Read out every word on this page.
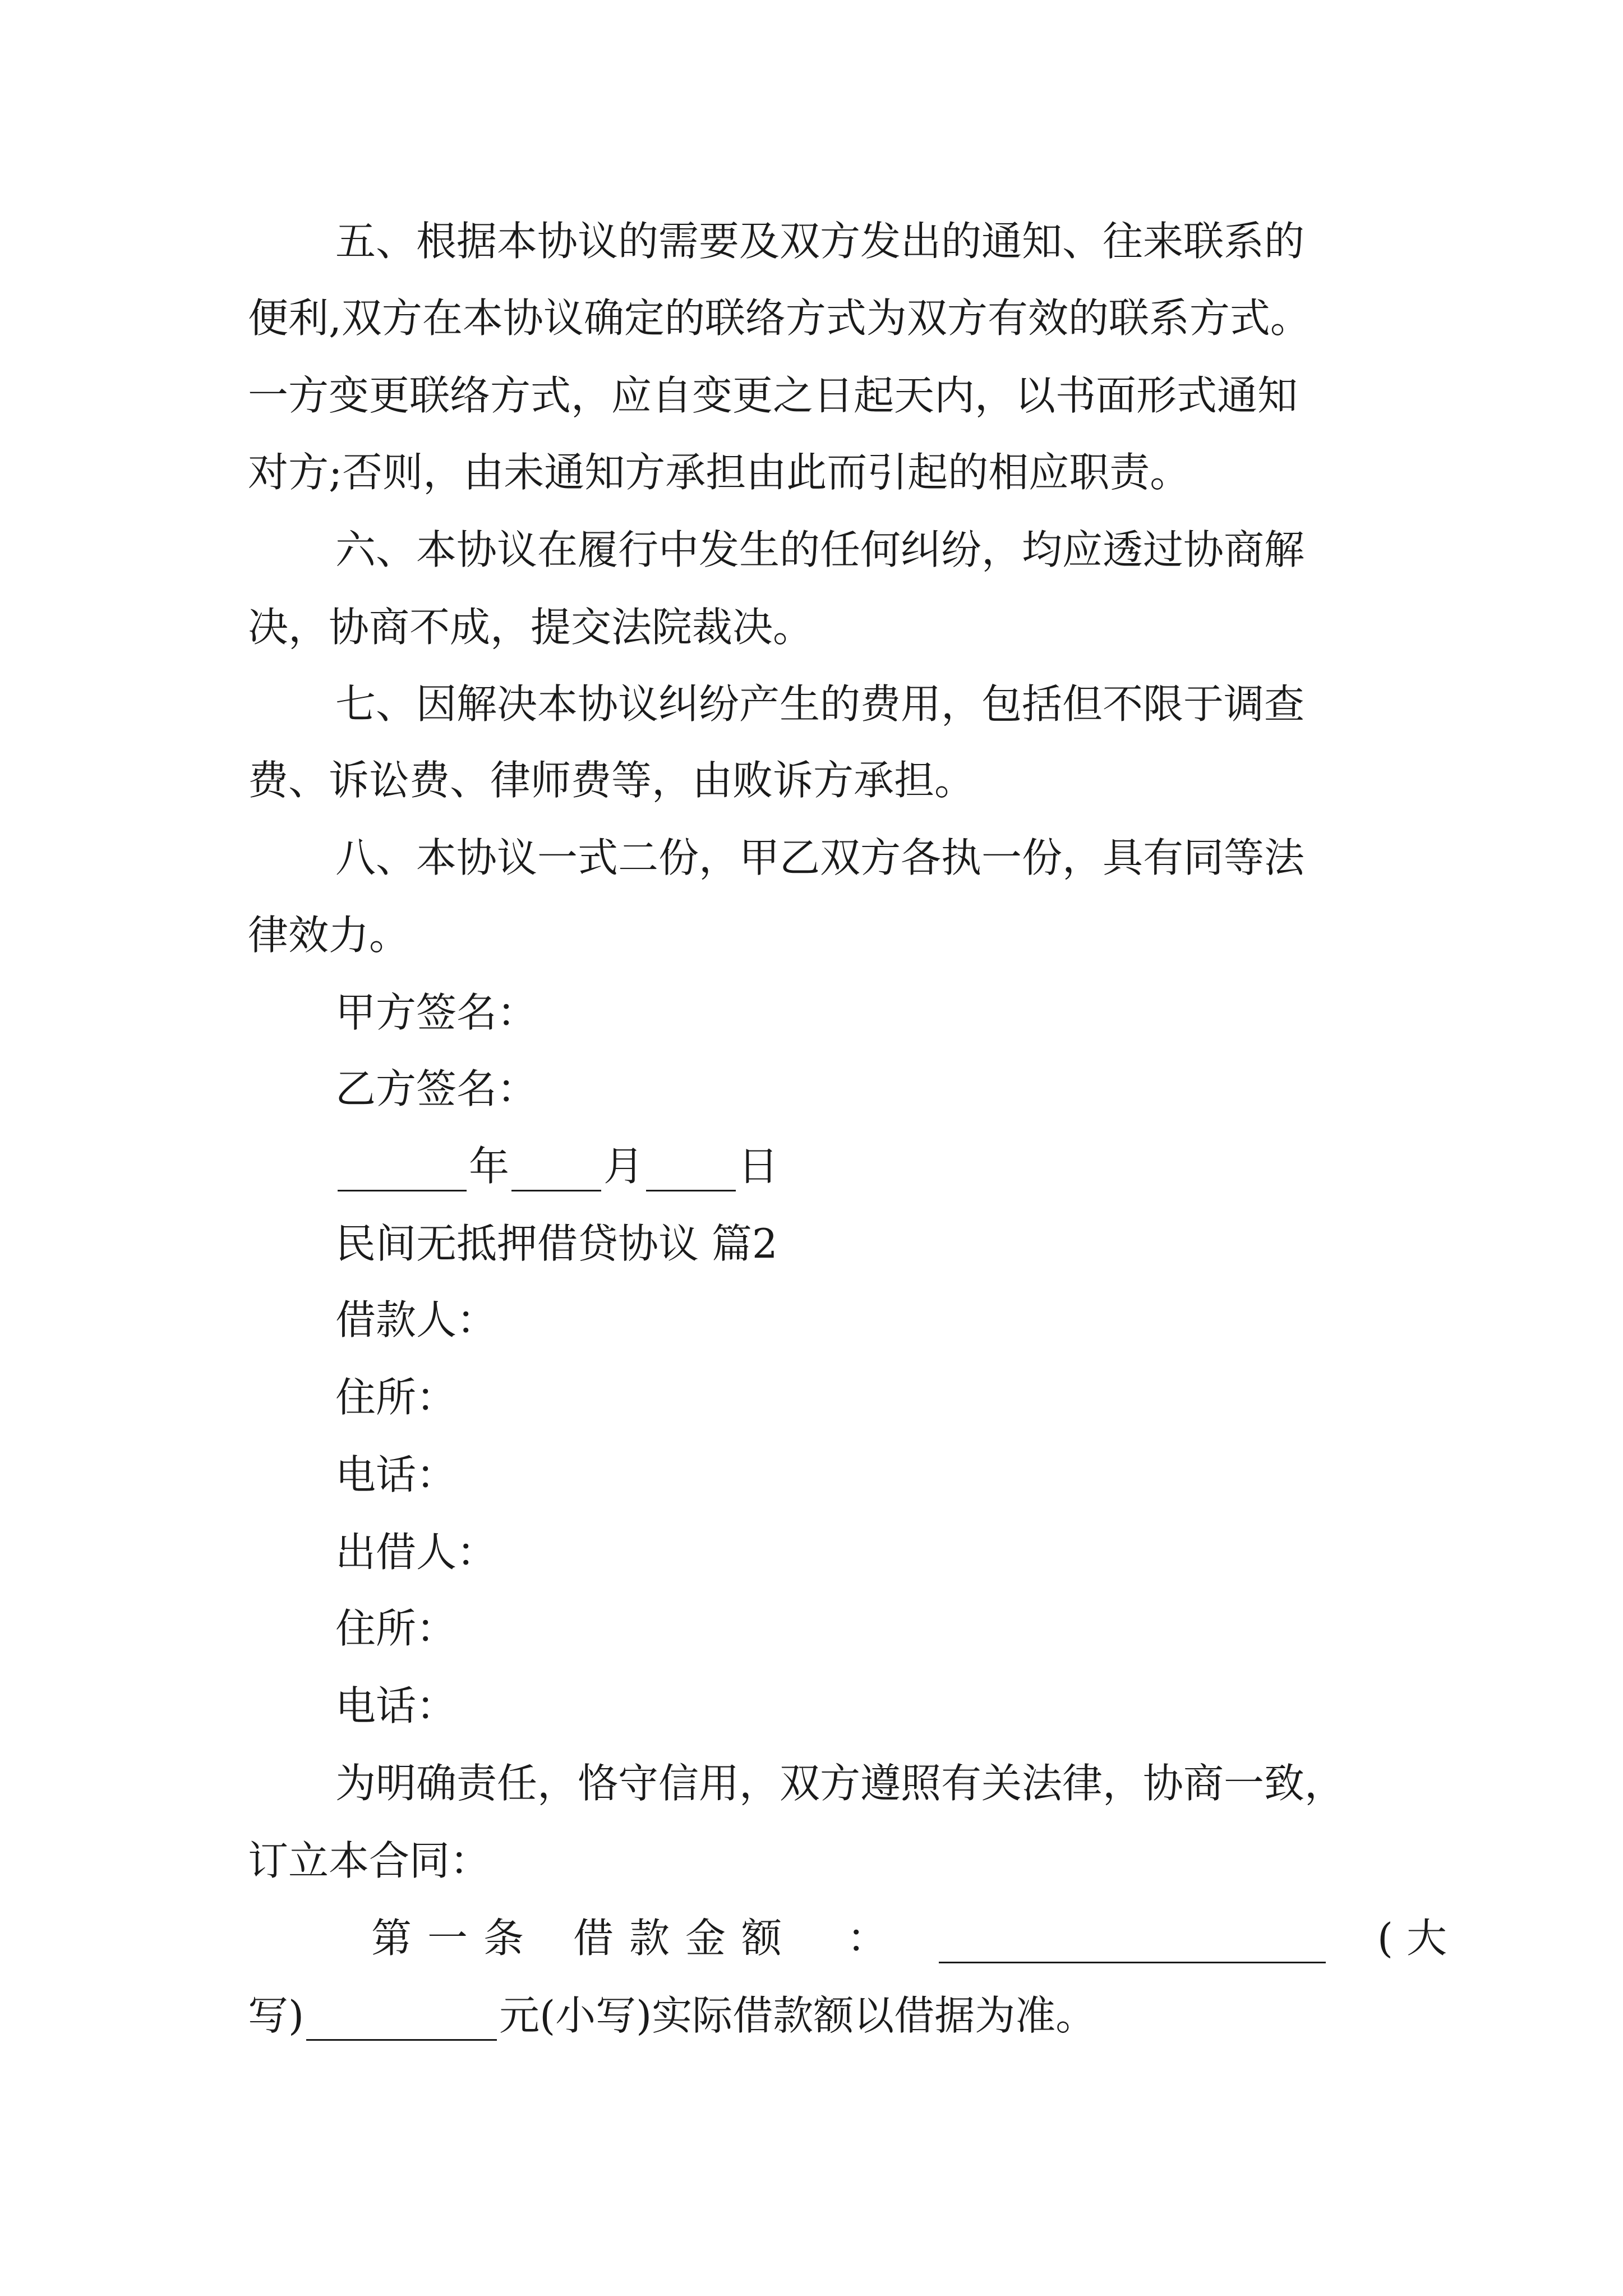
五、根据本协议的需要及双方发出的通知、往来联系的
便利,双方在本协议确定的联络方式为双方有效的联系方式。
一方变更联络方式，应自变更之日起天内，以书面形式通知
对方;否则，由未通知方承担由此而引起的相应职责。
六、本协议在履行中发生的任何纠纷，均应透过协商解
决，协商不成，提交法院裁决。
七、因解决本协议纠纷产生的费用，包括但不限于调查
费、诉讼费、律师费等，由败诉方承担。
八、本协议一式二份，甲乙双方各执一份，具有同等法
律效力。
甲方签名：
乙方签名：
年 月 日
民间无抵押借贷协议 篇2
借款人：
住所：
电话：
出借人：
住所：
电话：
为明确责任，恪守信用，双方遵照有关法律，协商一致，
订立本合同：
第一条 借款金额 ：	(大
写)	元(小写)实际借款额以借据为准。
